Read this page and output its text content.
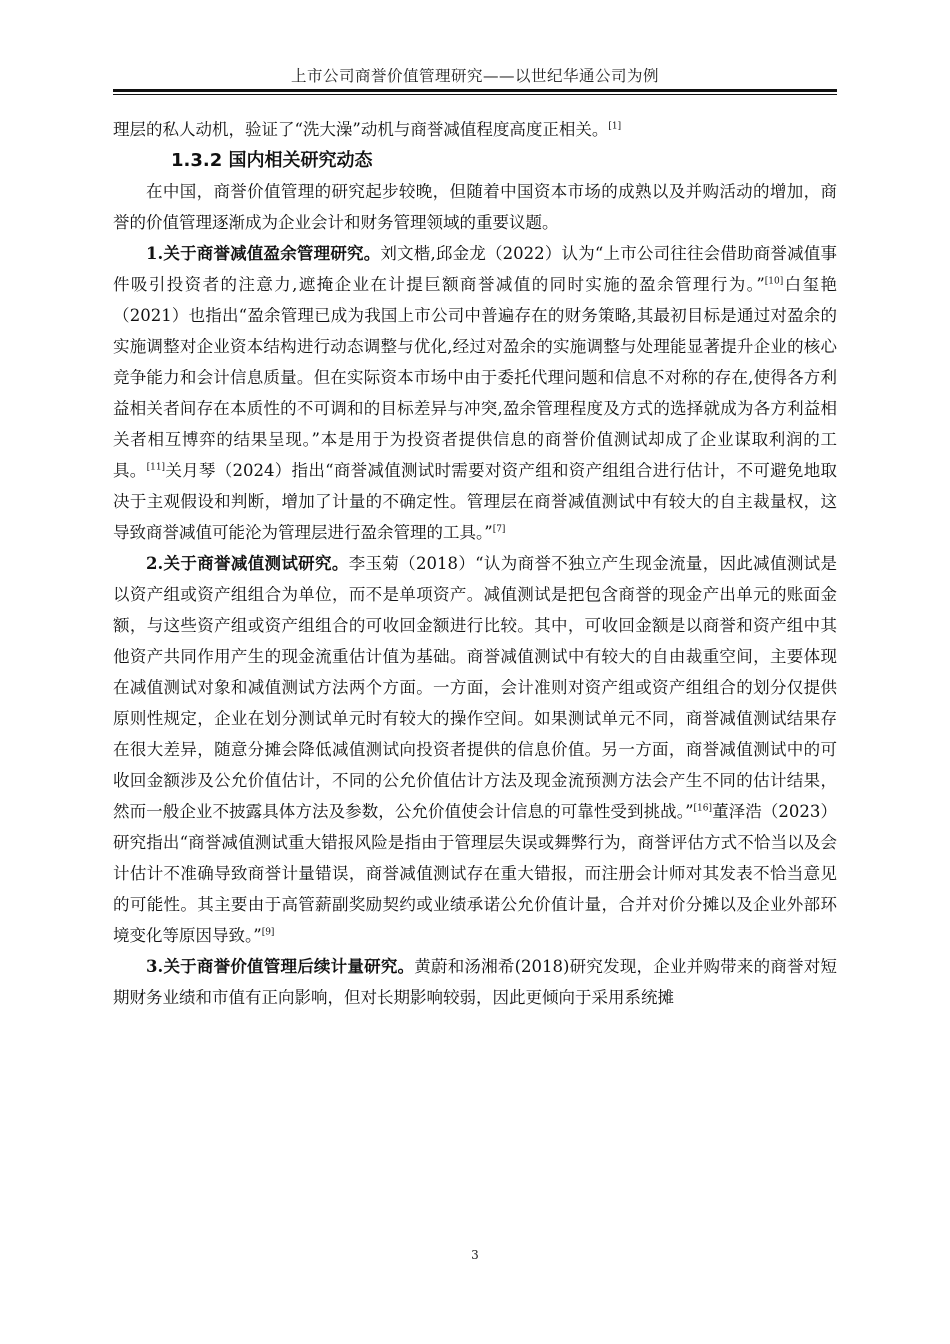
上市公司商誉价值管理研究——以世纪华通公司为例

理层的私人动机，验证了“洗大澡”动机与商誉减值程度高度正相关。[1]

1.3.2 国内相关研究动态

在中国，商誉价值管理的研究起步较晚，但随着中国资本市场的成熟以及并购活动的增加，商誉的价值管理逐渐成为企业会计和财务管理领域的重要议题。

1.关于商誉减值盈余管理研究。刘文楷,邱金龙（2022）认为“上市公司往往会借助商誉减值事件吸引投资者的注意力,遮掩企业在计提巨额商誉减值的同时实施的盈余管理行为。”[10]白玺艳（2021）也指出“盈余管理已成为我国上市公司中普遍存在的财务策略,其最初目标是通过对盈余的实施调整对企业资本结构进行动态调整与优化,经过对盈余的实施调整与处理能显著提升企业的核心竞争能力和会计信息质量。但在实际资本市场中由于委托代理问题和信息不对称的存在,使得各方利益相关者间存在本质性的不可调和的目标差异与冲突,盈余管理程度及方式的选择就成为各方利益相关者相互博弈的结果呈现。”本是用于为投资者提供信息的商誉价值测试却成了企业谋取利润的工具。[11]关月琴（2024）指出“商誉减值测试时需要对资产组和资产组组合进行估计，不可避免地取决于主观假设和判断，增加了计量的不确定性。管理层在商誉减值测试中有较大的自主裁量权，这导致商誉减值可能沦为管理层进行盈余管理的工具。”[7]

2.关于商誉减值测试研究。李玉菊（2018）“认为商誉不独立产生现金流量，因此减值测试是以资产组或资产组组合为单位，而不是单项资产。减值测试是把包含商誉的现金产出单元的账面金额，与这些资产组或资产组组合的可收回金额进行比较。其中，可收回金额是以商誉和资产组中其他资产共同作用产生的现金流重估计值为基础。商誉减值测试中有较大的自由裁重空间，主要体现在减值测试对象和减值测试方法两个方面。一方面，会计准则对资产组或资产组组合的划分仅提供原则性规定，企业在划分测试单元时有较大的操作空间。如果测试单元不同，商誉减值测试结果存在很大差异，随意分摊会降低减值测试向投资者提供的信息价值。另一方面，商誉减值测试中的可收回金额涉及公允价值估计，不同的公允价值估计方法及现金流预测方法会产生不同的估计结果，然而一般企业不披露具体方法及参数，公允价值使会计信息的可靠性受到挑战。”[16]董泽浩（2023）研究指出“商誉减值测试重大错报风险是指由于管理层失误或舞弊行为，商誉评估方式不恰当以及会计估计不准确导致商誉计量错误，商誉减值测试存在重大错报，而注册会计师对其发表不恰当意见的可能性。其主要由于高管薪副奖励契约或业绩承诺公允价值计量，合并对价分摊以及企业外部环境变化等原因导致。”[9]

3.关于商誉价值管理后续计量研究。黄蔚和汤湘希(2018)研究发现，企业并购带来的商誉对短期财务业绩和市值有正向影响，但对长期影响较弱，因此更倾向于采用系统摊

3
